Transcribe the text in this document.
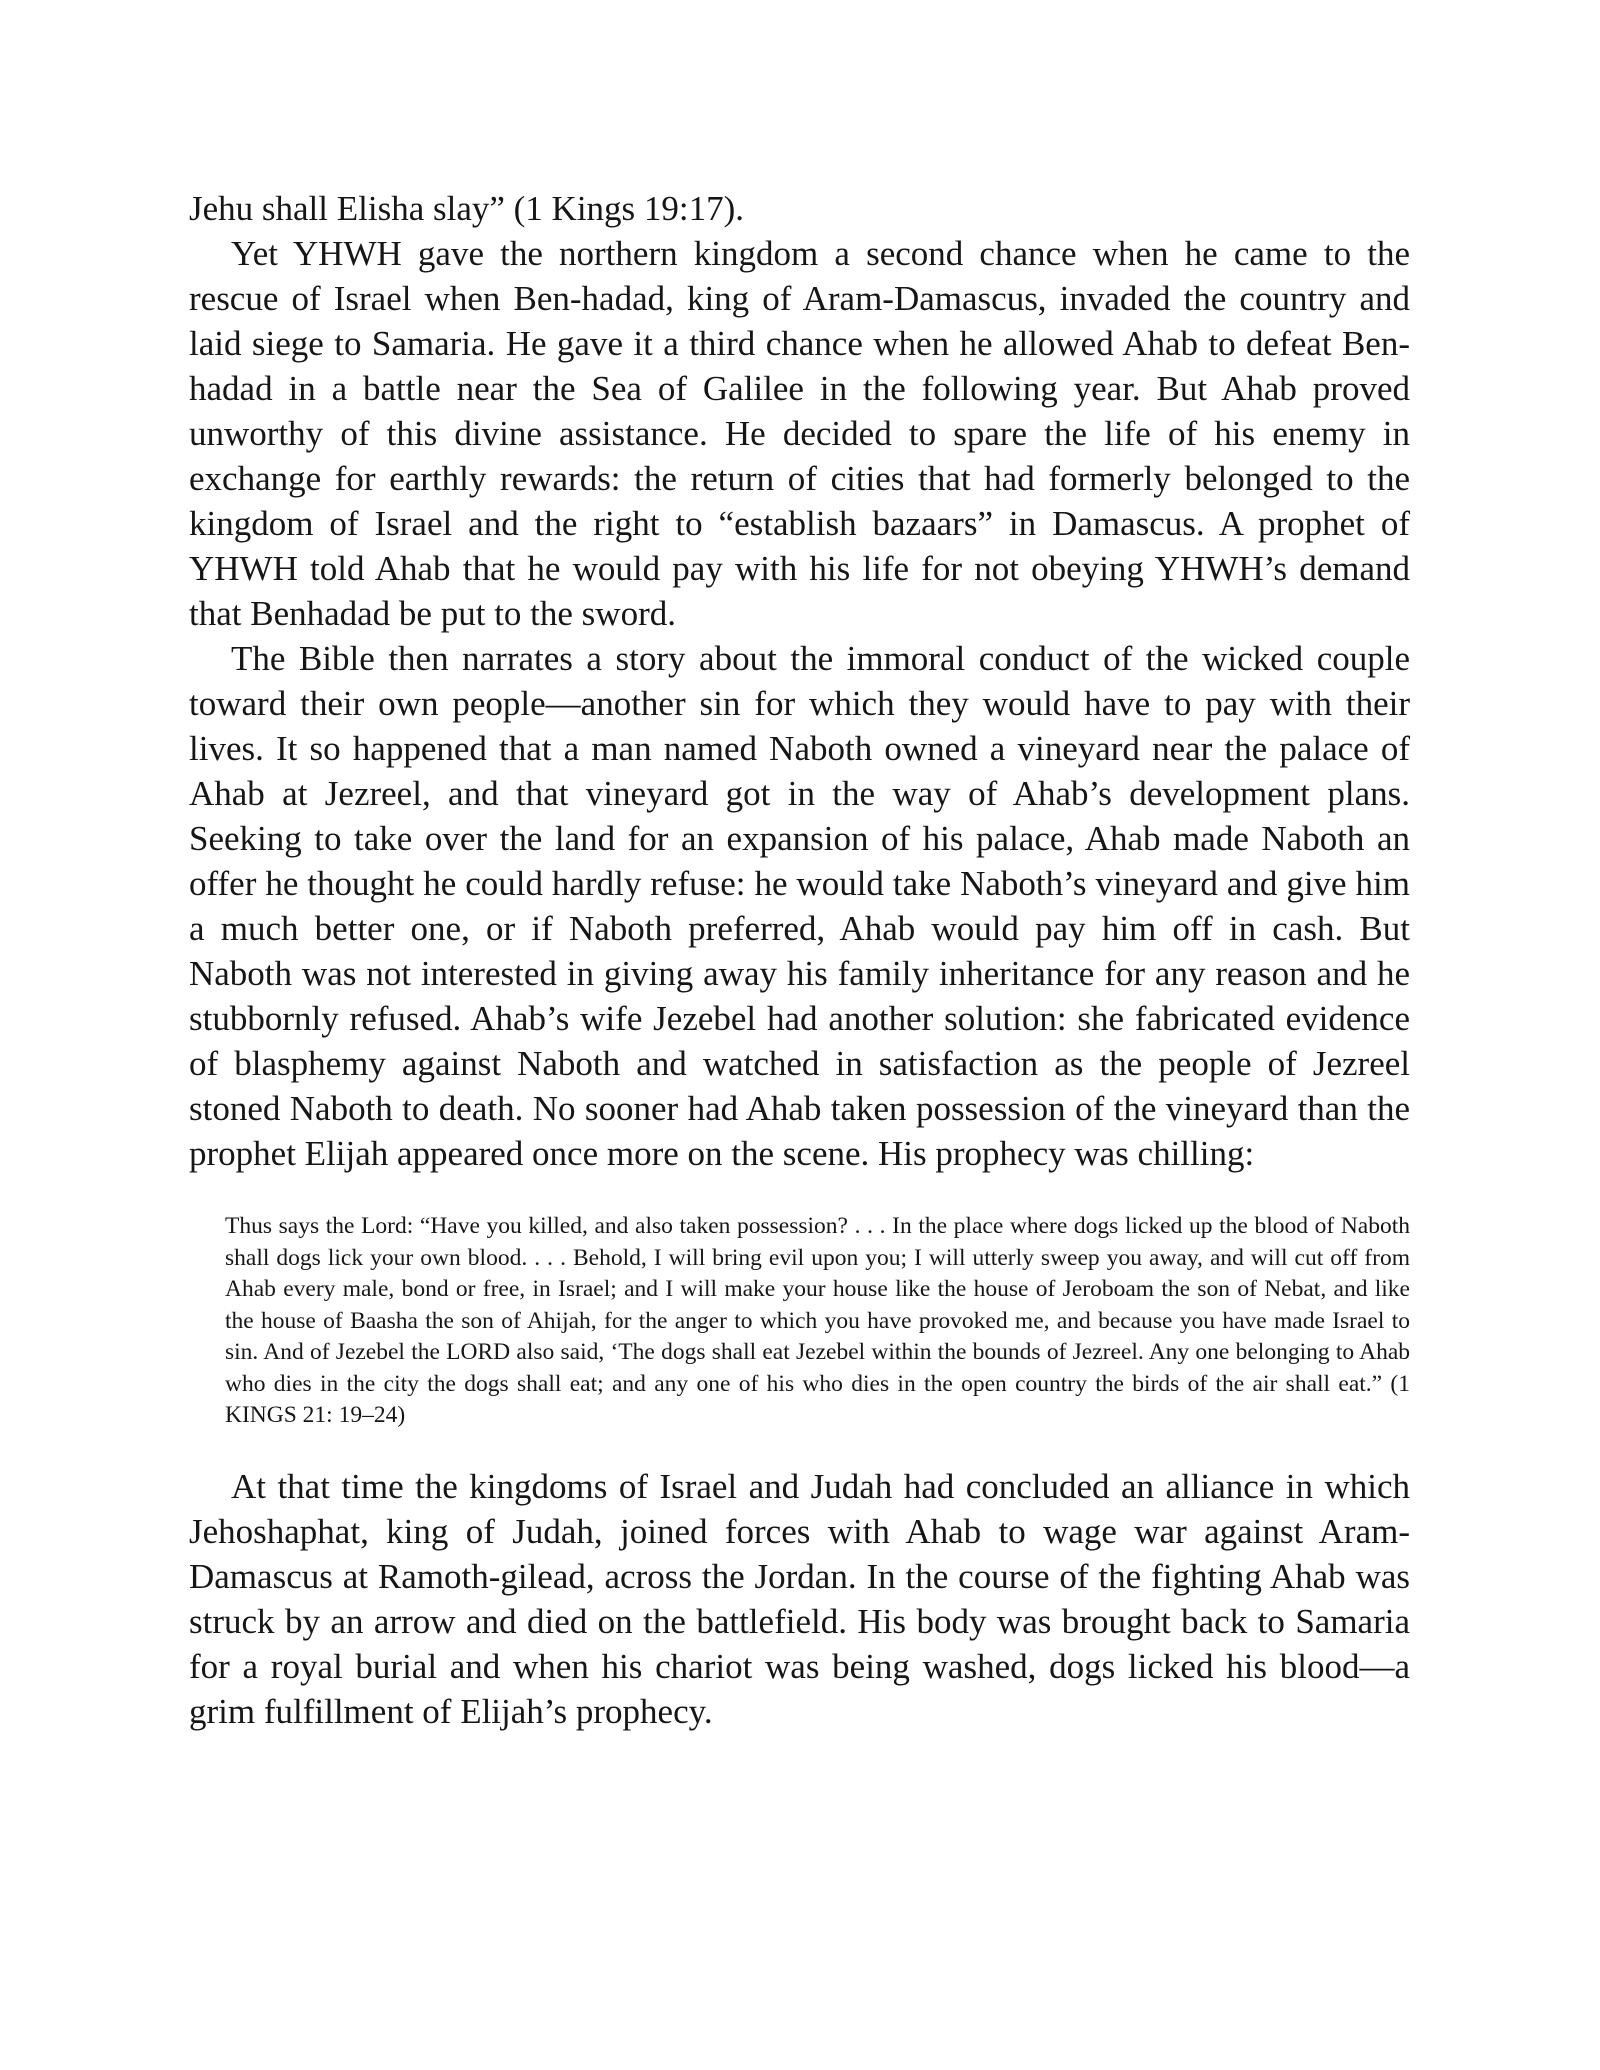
Jehu shall Elisha slay” (1 Kings 19:17).

Yet YHWH gave the northern kingdom a second chance when he came to the rescue of Israel when Ben-hadad, king of Aram-Damascus, invaded the country and laid siege to Samaria. He gave it a third chance when he allowed Ahab to defeat Ben-hadad in a battle near the Sea of Galilee in the following year. But Ahab proved unworthy of this divine assistance. He decided to spare the life of his enemy in exchange for earthly rewards: the return of cities that had formerly belonged to the kingdom of Israel and the right to “establish bazaars” in Damascus. A prophet of YHWH told Ahab that he would pay with his life for not obeying YHWH’s demand that Benhadad be put to the sword.

The Bible then narrates a story about the immoral conduct of the wicked couple toward their own people—another sin for which they would have to pay with their lives. It so happened that a man named Naboth owned a vineyard near the palace of Ahab at Jezreel, and that vineyard got in the way of Ahab’s development plans. Seeking to take over the land for an expansion of his palace, Ahab made Naboth an offer he thought he could hardly refuse: he would take Naboth’s vineyard and give him a much better one, or if Naboth preferred, Ahab would pay him off in cash. But Naboth was not interested in giving away his family inheritance for any reason and he stubbornly refused. Ahab’s wife Jezebel had another solution: she fabricated evidence of blasphemy against Naboth and watched in satisfaction as the people of Jezreel stoned Naboth to death. No sooner had Ahab taken possession of the vineyard than the prophet Elijah appeared once more on the scene. His prophecy was chilling:

Thus says the Lord: “Have you killed, and also taken possession? . . . In the place where dogs licked up the blood of Naboth shall dogs lick your own blood. . . . Behold, I will bring evil upon you; I will utterly sweep you away, and will cut off from Ahab every male, bond or free, in Israel; and I will make your house like the house of Jeroboam the son of Nebat, and like the house of Baasha the son of Ahijah, for the anger to which you have provoked me, and because you have made Israel to sin. And of Jezebel the LORD also said, ‘The dogs shall eat Jezebel within the bounds of Jezreel. Any one belonging to Ahab who dies in the city the dogs shall eat; and any one of his who dies in the open country the birds of the air shall eat.” (1 KINGS 21: 19–24)

At that time the kingdoms of Israel and Judah had concluded an alliance in which Jehoshaphat, king of Judah, joined forces with Ahab to wage war against Aram-Damascus at Ramoth-gilead, across the Jordan. In the course of the fighting Ahab was struck by an arrow and died on the battlefield. His body was brought back to Samaria for a royal burial and when his chariot was being washed, dogs licked his blood—a grim fulfillment of Elijah’s prophecy.
